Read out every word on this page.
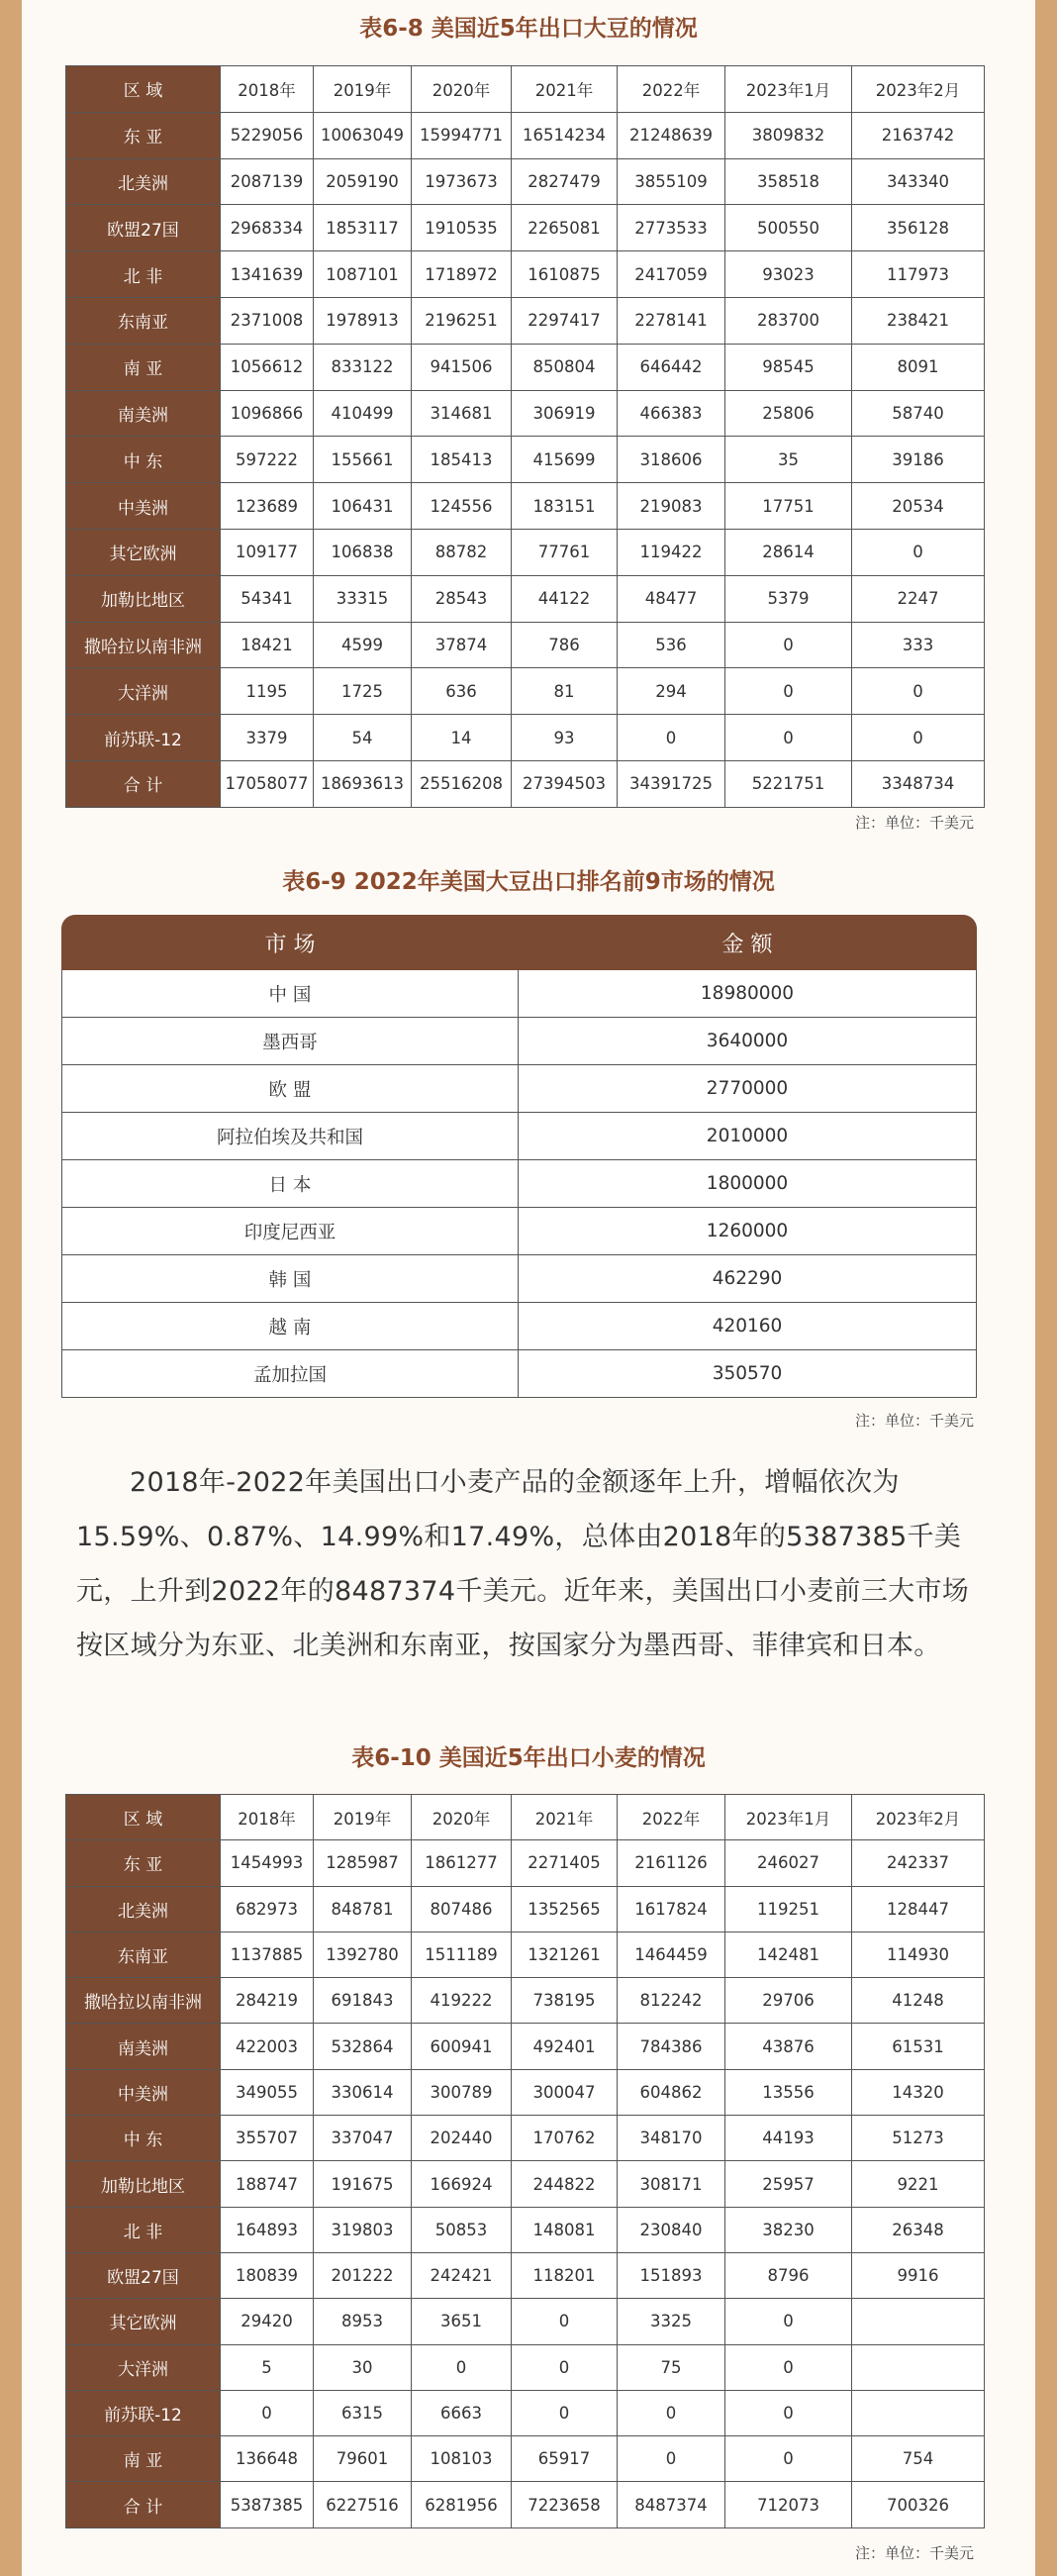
表6-8 美国近5年出口大豆的情况
区 域	2018年	2019年	2020年	2021年	2022年	2023年1月	2023年2月
东 亚	5229056	10063049	15994771	16514234	21248639	3809832	2163742
北美洲	2087139	2059190	1973673	2827479	3855109	358518	343340
欧盟27国	2968334	1853117	1910535	2265081	2773533	500550	356128
北 非	1341639	1087101	1718972	1610875	2417059	93023	117973
东南亚	2371008	1978913	2196251	2297417	2278141	283700	238421
南 亚	1056612	833122	941506	850804	646442	98545	8091
南美洲	1096866	410499	314681	306919	466383	25806	58740
中 东	597222	155661	185413	415699	318606	35	39186
中美洲	123689	106431	124556	183151	219083	17751	20534
其它欧洲	109177	106838	88782	77761	119422	28614	0
加勒比地区	54341	33315	28543	44122	48477	5379	2247
撒哈拉以南非洲	18421	4599	37874	786	536	0	333
大洋洲	1195	1725	636	81	294	0	0
前苏联-12	3379	54	14	93	0	0	0
合 计	17058077	18693613	25516208	27394503	34391725	5221751	3348734
注：单位：千美元
表6-9 2022年美国大豆出口排名前9市场的情况
市 场	金 额
中 国	18980000
墨西哥	3640000
欧 盟	2770000
阿拉伯埃及共和国	2010000
日 本	1800000
印度尼西亚	1260000
韩 国	462290
越 南	420160
孟加拉国	350570
注：单位：千美元

2018年-2022年美国出口小麦产品的金额逐年上升，增幅依次为15.59%、0.87%、14.99%和17.49%，总体由2018年的5387385千美元，上升到2022年的8487374千美元。近年来，美国出口小麦前三大市场按区域分为东亚、北美洲和东南亚，按国家分为墨西哥、菲律宾和日本。

表6-10 美国近5年出口小麦的情况
区 域	2018年	2019年	2020年	2021年	2022年	2023年1月	2023年2月
东 亚	1454993	1285987	1861277	2271405	2161126	246027	242337
北美洲	682973	848781	807486	1352565	1617824	119251	128447
东南亚	1137885	1392780	1511189	1321261	1464459	142481	114930
撒哈拉以南非洲	284219	691843	419222	738195	812242	29706	41248
南美洲	422003	532864	600941	492401	784386	43876	61531
中美洲	349055	330614	300789	300047	604862	13556	14320
中 东	355707	337047	202440	170762	348170	44193	51273
加勒比地区	188747	191675	166924	244822	308171	25957	9221
北 非	164893	319803	50853	148081	230840	38230	26348
欧盟27国	180839	201222	242421	118201	151893	8796	9916
其它欧洲	29420	8953	3651	0	3325	0	
大洋洲	5	30	0	0	75	0	
前苏联-12	0	6315	6663	0	0	0	
南 亚	136648	79601	108103	65917	0	0	754
合 计	5387385	6227516	6281956	7223658	8487374	712073	700326
注：单位：千美元
